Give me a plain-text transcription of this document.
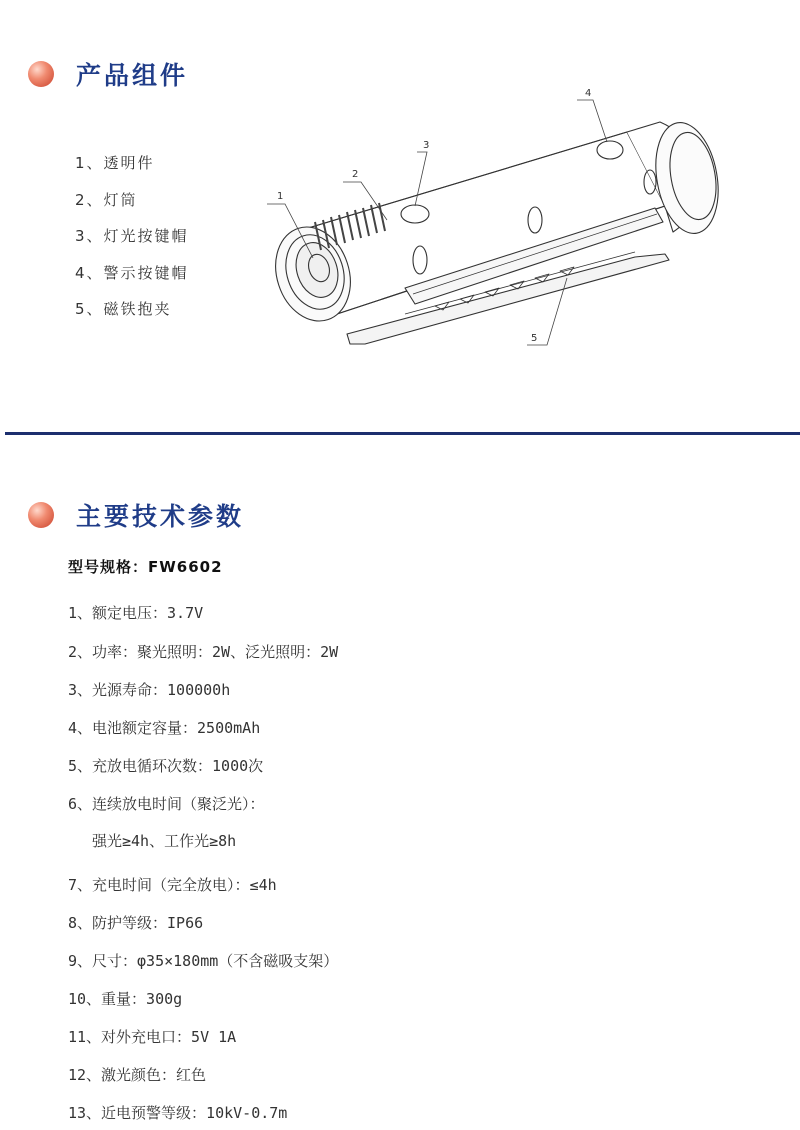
产品组件
1、透明件
2、灯筒
3、灯光按键帽
4、警示按键帽
5、磁铁抱夹
1
2
3
4
5
主要技术参数
型号规格：FW6602
1、额定电压：3.7V
2、功率：聚光照明：2W、泛光照明：2W
3、光源寿命：100000h
4、电池额定容量：2500mAh
5、充放电循环次数：1000次
6、连续放电时间（聚泛光）：
强光≥4h、工作光≥8h
7、充电时间（完全放电）：≤4h
8、防护等级：IP66
9、尺寸：φ35×180mm（不含磁吸支架）
10、重量：300g
11、对外充电口：5V 1A
12、激光颜色：红色
13、近电预警等级：10kV-0.7m
